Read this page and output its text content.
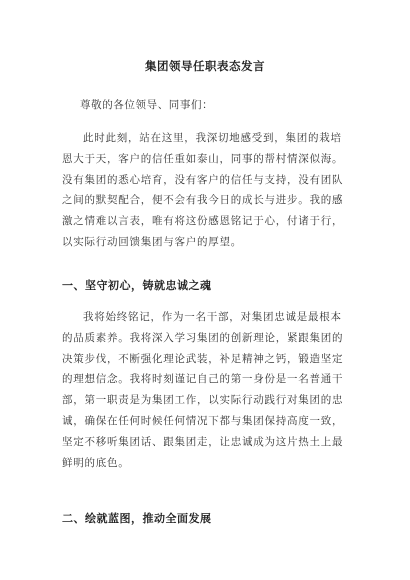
集团领导任职表态发言
尊敬的各位领导、同事们：
此时此刻，站在这里，我深切地感受到，集团的栽培
恩大于天，客户的信任重如泰山，同事的帮村情深似海。
没有集团的悉心培育，没有客户的信任与支持，没有团队
之间的默契配合，便不会有我今日的成长与进步。我的感
激之情难以言表，唯有将这份感恩铭记于心，付诸于行，
以实际行动回馈集团与客户的厚望。
一、坚守初心，铸就忠诚之魂
我将始终铭记，作为一名干部，对集团忠诚是最根本
的品质素养。我将深入学习集团的创新理论，紧跟集团的
决策步伐，不断强化理论武装，补足精神之钙，锻造坚定
的理想信念。我将时刻谨记自己的第一身份是一名普通干
部，第一职责是为集团工作，以实际行动践行对集团的忠
诚，确保在任何时候任何情况下都与集团保持高度一致，
坚定不移听集团话、跟集团走，让忠诚成为这片热土上最
鲜明的底色。
二、绘就蓝图，推动全面发展
